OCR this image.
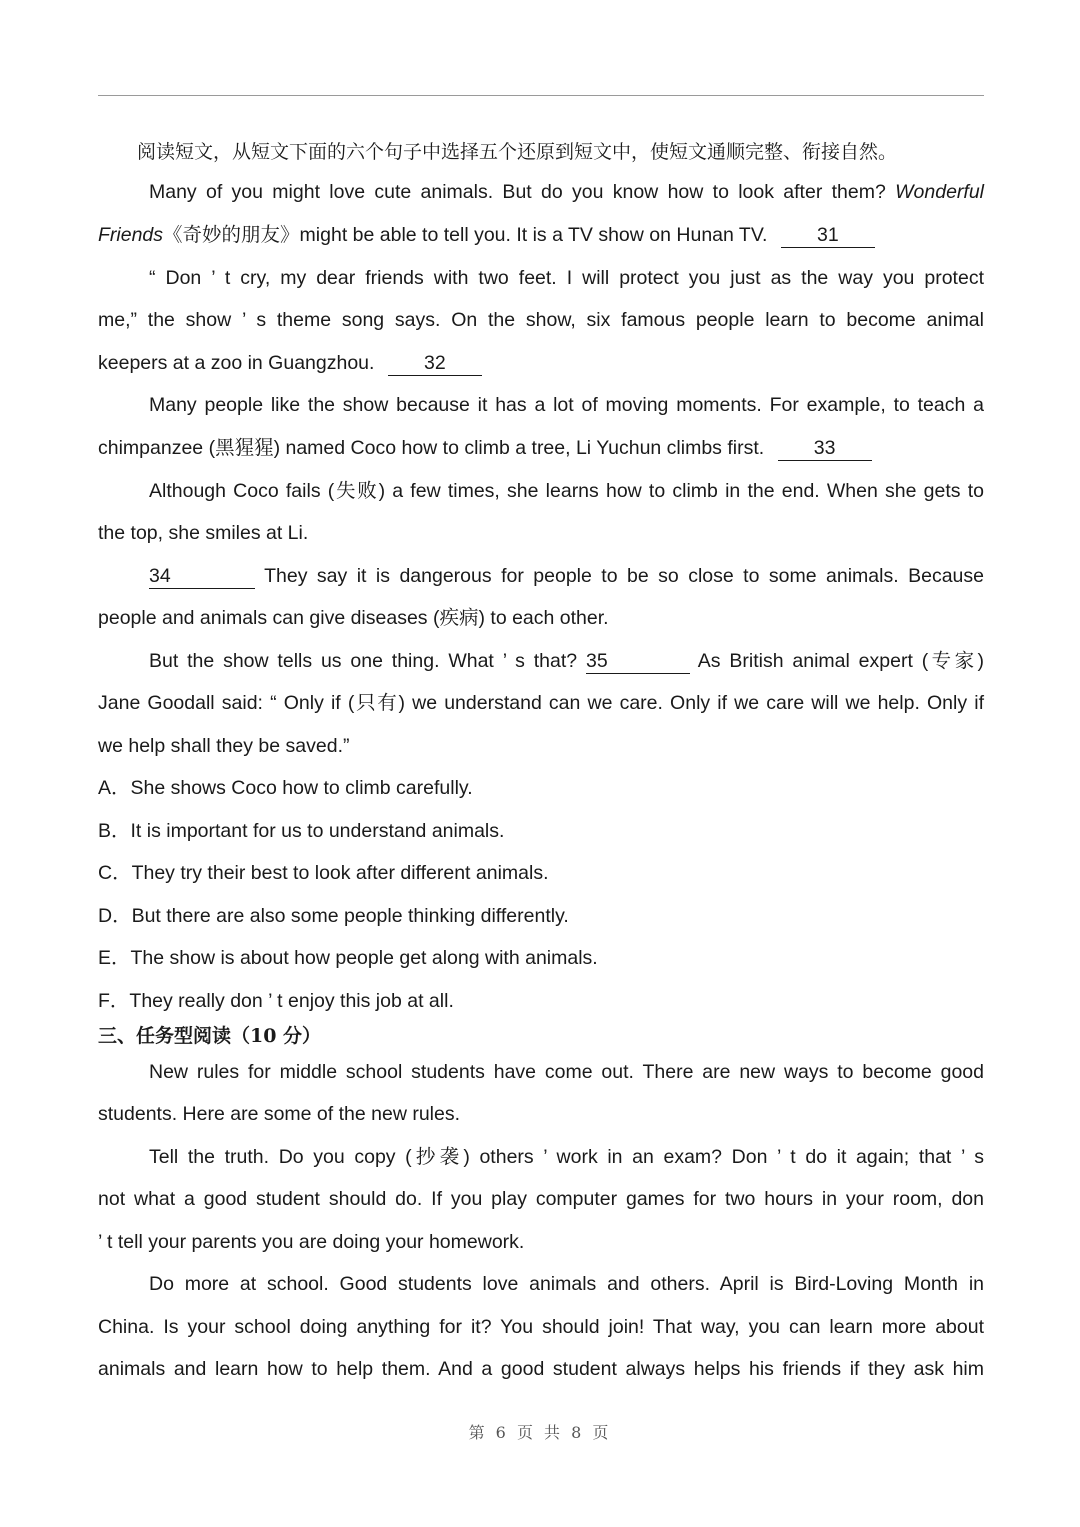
阅读短文，从短文下面的六个句子中选择五个还原到短文中，使短文通顺完整、衔接自然。
Many of you might love cute animals. But do you know how to look after them? Wonderful
Friends《奇妙的朋友》might be able to tell you. It is a TV show on Hunan TV.	31
“ Don ’ t cry, my dear friends with two feet. I will protect you just as the way you protect
me,” the show ’ s theme song says. On the show, six famous people learn to become animal
keepers at a zoo in Guangzhou.	32
Many people like the show because it has a lot of moving moments. For example, to teach a
chimpanzee (黑猩猩) named Coco how to climb a tree, Li Yuchun climbs first.	33
Although Coco fails (失败) a few times, she learns how to climb in the end. When she gets to
the top, she smiles at Li.
34	They say it is dangerous for people to be so close to some animals. Because
people and animals can give diseases (疾病) to each other.
But the show tells us one thing. What ’ s that? 35	As British animal expert (专家)
Jane Goodall said: “ Only if (只有) we understand can we care. Only if we care will we help. Only if
we help shall they be saved.”
A．She shows Coco how to climb carefully.
B．It is important for us to understand animals.
C．They try their best to look after different animals.
D．But there are also some people thinking differently.
E．The show is about how people get along with animals.
F．They really don ’ t enjoy this job at all.
三、任务型阅读（10 分）
New rules for middle school students have come out. There are new ways to become good
students. Here are some of the new rules.
Tell the truth. Do you copy (抄袭) others ’ work in an exam? Don ’ t do it again; that ’ s
not what a good student should do. If you play computer games for two hours in your room, don
’ t tell your parents you are doing your homework.
Do more at school. Good students love animals and others. April is Bird-Loving Month in
China. Is your school doing anything for it? You should join! That way, you can learn more about
animals and learn how to help them. And a good student always helps his friends if they ask him
第 6 页 共 8 页
